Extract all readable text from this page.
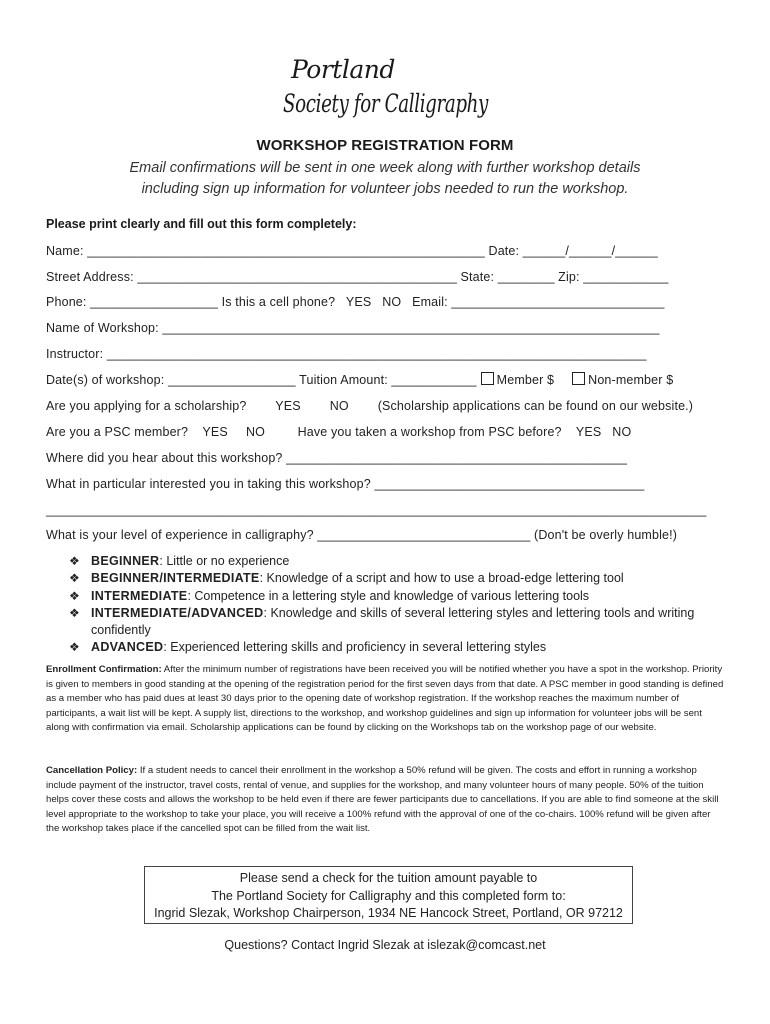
Portland
Society for Calligraphy
WORKSHOP REGISTRATION FORM
Email confirmations will be sent in one week along with further workshop details
including sign up information for volunteer jobs needed to run the workshop.
Please print clearly and fill out this form completely:
Name: ________________________________________________________ Date: ______/______/______
Street Address: _____________________________________________ State: ________ Zip: ____________
Phone: __________________ Is this a cell phone?   YES   NO   Email: ______________________________
Name of Workshop: ______________________________________________________________________
Instructor: ____________________________________________________________________________
Date(s) of workshop: __________________ Tuition Amount: ____________ Member $	Non-member $
Are you applying for a scholarship?        YES        NO        (Scholarship applications can be found on our website.)
Are you a PSC member?    YES     NO         Have you taken a workshop from PSC before?    YES   NO
Where did you hear about this workshop? ________________________________________________
What in particular interested you in taking this workshop? ______________________________________
_____________________________________________________________________________________________
What is your level of experience in calligraphy? ______________________________ (Don't be overly humble!)
❖ BEGINNER: Little or no experience
❖ BEGINNER/INTERMEDIATE: Knowledge of a script and how to use a broad-edge lettering tool
❖ INTERMEDIATE: Competence in a lettering style and knowledge of various lettering tools
❖ INTERMEDIATE/ADVANCED: Knowledge and skills of several lettering styles and lettering tools and writing confidently
❖ ADVANCED: Experienced lettering skills and proficiency in several lettering styles
Enrollment Confirmation: After the minimum number of registrations have been received you will be notified whether you have a spot in the workshop. Priority is given to members in good standing at the opening of the registration period for the first seven days from that date. A PSC member in good standing is defined as a member who has paid dues at least 30 days prior to the opening date of workshop registration. If the workshop reaches the maximum number of participants, a wait list will be kept. A supply list, directions to the workshop, and workshop guidelines and sign up information for volunteer jobs will be sent along with confirmation via email. Scholarship applications can be found by clicking on the Workshops tab on the workshop page of our website.
Cancellation Policy: If a student needs to cancel their enrollment in the workshop a 50% refund will be given. The costs and effort in running a workshop include payment of the instructor, travel costs, rental of venue, and supplies for the workshop, and many volunteer hours of many people. 50% of the tuition helps cover these costs and allows the workshop to be held even if there are fewer participants due to cancellations. If you are able to find someone at the skill level appropriate to the workshop to take your place, you will receive a 100% refund with the approval of one of the co-chairs. 100% refund will be given after the workshop takes place if the cancelled spot can be filled from the wait list.
Please send a check for the tuition amount payable to
The Portland Society for Calligraphy and this completed form to:
Ingrid Slezak, Workshop Chairperson, 1934 NE Hancock Street, Portland, OR 97212
Questions? Contact Ingrid Slezak at islezak@comcast.net
